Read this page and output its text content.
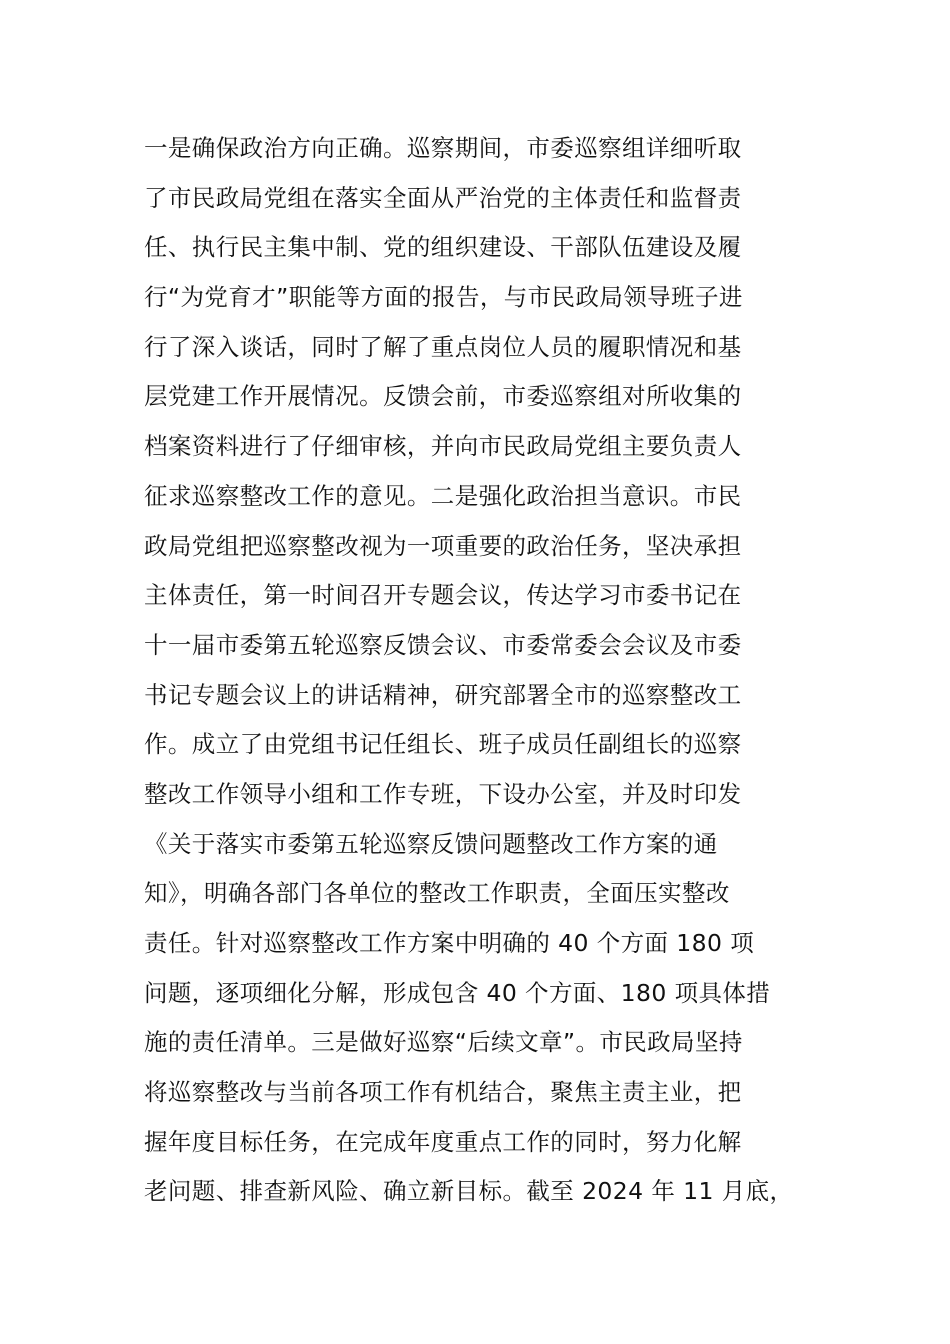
一是确保政治方向正确。巡察期间，市委巡察组详细听取
了市民政局党组在落实全面从严治党的主体责任和监督责
任、执行民主集中制、党的组织建设、干部队伍建设及履
行“为党育才”职能等方面的报告，与市民政局领导班子进
行了深入谈话，同时了解了重点岗位人员的履职情况和基
层党建工作开展情况。反馈会前，市委巡察组对所收集的
档案资料进行了仔细审核，并向市民政局党组主要负责人
征求巡察整改工作的意见。二是强化政治担当意识。市民
政局党组把巡察整改视为一项重要的政治任务，坚决承担
主体责任，第一时间召开专题会议，传达学习市委书记在
十一届市委第五轮巡察反馈会议、市委常委会会议及市委
书记专题会议上的讲话精神，研究部署全市的巡察整改工
作。成立了由党组书记任组长、班子成员任副组长的巡察
整改工作领导小组和工作专班，下设办公室，并及时印发
《关于落实市委第五轮巡察反馈问题整改工作方案的通
知》，明确各部门各单位的整改工作职责，全面压实整改
责任。针对巡察整改工作方案中明确的 40 个方面 180 项
问题，逐项细化分解，形成包含 40 个方面、180 项具体措
施的责任清单。三是做好巡察“后续文章”。市民政局坚持
将巡察整改与当前各项工作有机结合，聚焦主责主业，把
握年度目标任务，在完成年度重点工作的同时，努力化解
老问题、排查新风险、确立新目标。截至 2024 年 11 月底，
